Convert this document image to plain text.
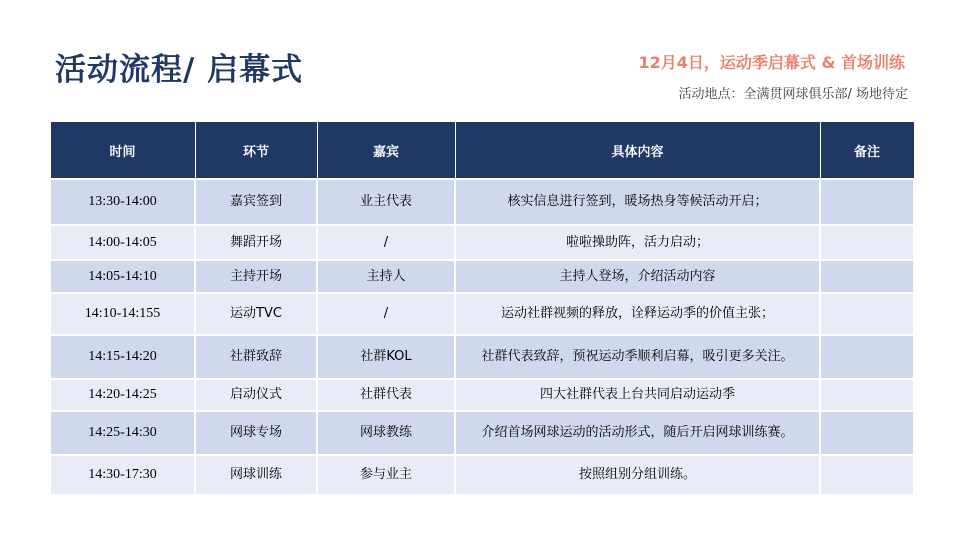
活动流程/ 启幕式	12月4日，运动季启幕式 & 首场训练

活动地点：全满贯网球俱乐部/ 场地待定

时间	环节	嘉宾	具体内容	备注
13:30-14:00	嘉宾签到	业主代表	核实信息进行签到，暖场热身等候活动开启；	
14:00-14:05	舞蹈开场	/	啦啦操助阵，活力启动；	
14:05-14:10	主持开场	主持人	主持人登场，介绍活动内容	
14:10-14:155	运动TVC	/	运动社群视频的释放，诠释运动季的价值主张；	
14:15-14:20	社群致辞	社群KOL	社群代表致辞，预祝运动季顺利启幕，吸引更多关注。	
14:20-14:25	启动仪式	社群代表	四大社群代表上台共同启动运动季	
14:25-14:30	网球专场	网球教练	介绍首场网球运动的活动形式，随后开启网球训练赛。	
14:30-17:30	网球训练	参与业主	按照组别分组训练。	
